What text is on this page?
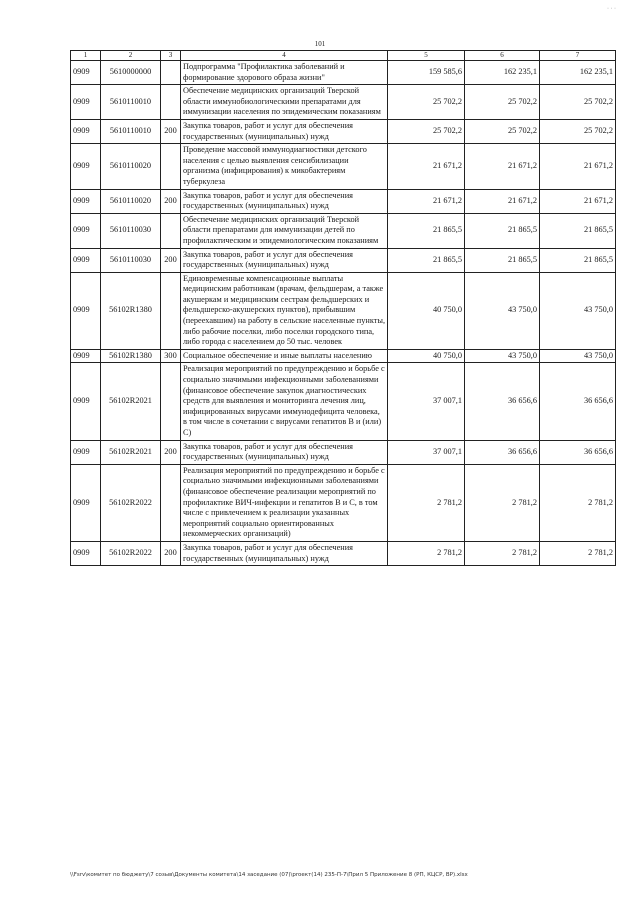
· · ·
101
1	2	3	4	5	6	7
0909	5610000000		Подпрограмма "Профилактика заболеваний и формирование здорового образа жизни"	159 585,6	162 235,1	162 235,1
0909	5610110010		Обеспечение медицинских организаций Тверской области иммунобиологическими препаратами для иммунизации населения по эпидемическим показаниям	25 702,2	25 702,2	25 702,2
0909	5610110010	200	Закупка товаров, работ и услуг для обеспечения государственных (муниципальных) нужд	25 702,2	25 702,2	25 702,2
0909	5610110020		Проведение массовой иммунодиагностики детского населения с целью выявления сенсибилизации организма (инфицирования) к микобактериям туберкулеза	21 671,2	21 671,2	21 671,2
0909	5610110020	200	Закупка товаров, работ и услуг для обеспечения государственных (муниципальных) нужд	21 671,2	21 671,2	21 671,2
0909	5610110030		Обеспечение медицинских организаций Тверской области препаратами для иммунизации детей по профилактическим и эпидемиологическим показаниям	21 865,5	21 865,5	21 865,5
0909	5610110030	200	Закупка товаров, работ и услуг для обеспечения государственных (муниципальных) нужд	21 865,5	21 865,5	21 865,5
0909	56102R1380		Единовременные компенсационные выплаты медицинским работникам (врачам, фельдшерам, а также акушеркам и медицинским сестрам фельдшерских и фельдшерско-акушерских пунктов), прибывшим (переехавшим) на работу в сельские населенные пункты, либо рабочие поселки, либо поселки городского типа, либо города с населением до 50 тыс. человек	40 750,0	43 750,0	43 750,0
0909	56102R1380	300	Социальное обеспечение и иные выплаты населению	40 750,0	43 750,0	43 750,0
0909	56102R2021		Реализация мероприятий по предупреждению и борьбе с социально значимыми инфекционными заболеваниями (финансовое обеспечение закупок диагностических средств для выявления и мониторинга лечения лиц, инфицированных вирусами иммунодефицита человека, в том числе в сочетании с вирусами гепатитов B и (или) C)	37 007,1	36 656,6	36 656,6
0909	56102R2021	200	Закупка товаров, работ и услуг для обеспечения государственных (муниципальных) нужд	37 007,1	36 656,6	36 656,6
0909	56102R2022		Реализация мероприятий по предупреждению и борьбе с социально значимыми инфекционными заболеваниями (финансовое обеспечение реализации мероприятий по профилактике ВИЧ-инфекции и гепатитов B и C, в том числе с привлечением к реализации указанных мероприятий социально ориентированных некоммерческих организаций)	2 781,2	2 781,2	2 781,2
0909	56102R2022	200	Закупка товаров, работ и услуг для обеспечения государственных (муниципальных) нужд	2 781,2	2 781,2	2 781,2
\\Fsrv\комитет по бюджету\7 созыв\Документы комитета\14 заседание (07)\proект(14) 235-П-7\Прил 5 Приложение 8 (РП, КЦСР, ВР).xlsx
